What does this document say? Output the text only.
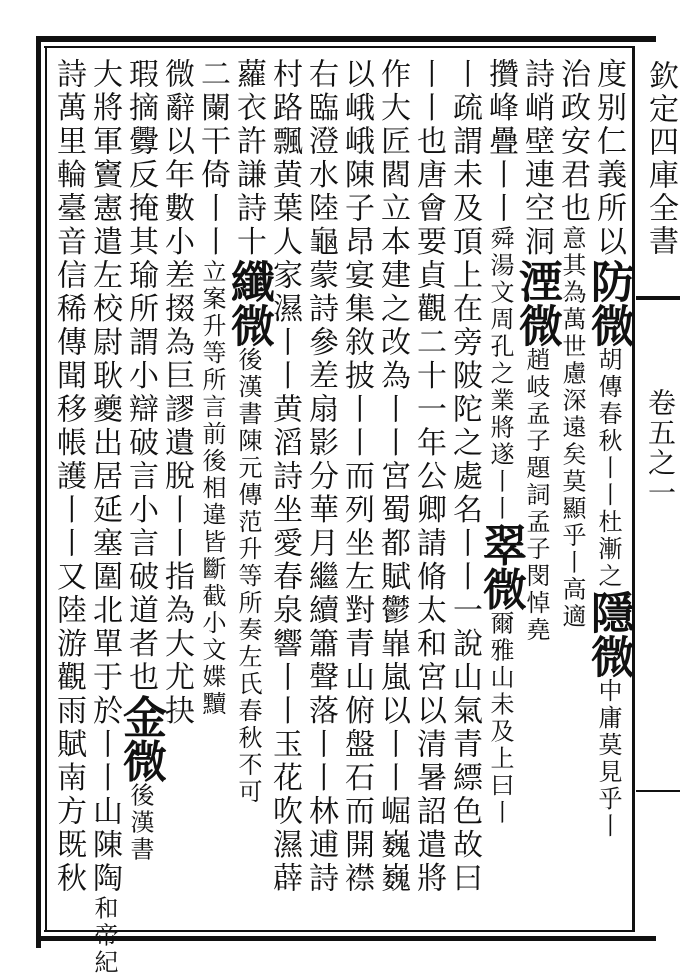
欽定四庫全書
卷五之一
度别仁義所以防微胡傳春秋丨丨杜漸之隱微中庸莫見乎丨
治政安君也意其為萬世慮深遠矣莫顯乎丨高適
詩峭壁連空洞湮微趙岐孟子題詞孟子閔悼堯
攢峰疊丨丨舜湯文周孔之業將遂丨丨翠微爾雅山未及上曰丨
丨疏謂未及頂上在旁陂陀之處名丨丨一說山氣青縹色故曰
丨丨也唐會要貞觀二十一年公卿請脩太和宮以清暑詔遣將
作大匠閻立本建之改為丨丨宮蜀都賦鬱㠑嵐以丨丨崛巍巍
以峨峨陳子昂宴集敘披丨丨而列坐左對青山俯盤石而開襟
右臨澄水陸龜蒙詩參差扇影分華月繼續簫聲落丨丨林逋詩
村路飄黄葉人家濕丨丨黄滔詩坐愛春泉響丨丨玉花吹濕薜
蘿衣許謙詩十纖微後漢書陳元傳范升等所奏左氏春秋不可
二闌干倚丨丨立案升等所言前後相違皆斷截小文媟黷
微辭以年數小差掇為巨謬遺脫丨丨指為大尤抉
瑕摘釁反掩其瑜所謂小辯破言小言破道者也金微後漢書
大將軍竇憲遣左校尉耿夔出居延塞圍北單于於丨丨山陳陶和帝紀
詩萬里輪臺音信稀傳聞移帳護丨丨又陸游觀雨賦南方既秋
